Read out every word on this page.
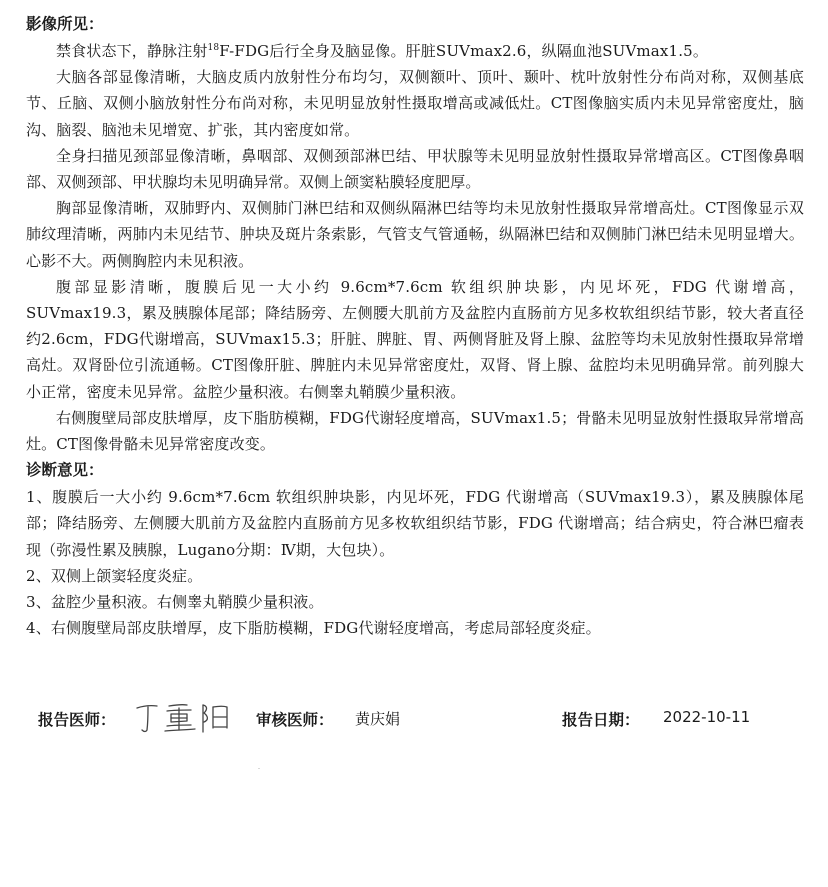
影像所见：

禁食状态下，静脉注射$^{18}$F-FDG后行全身及脑显像。肝脏SUVmax2.6，纵隔血池SUVmax1.5。

大脑各部显像清晰，大脑皮质内放射性分布均匀，双侧额叶、顶叶、颞叶、枕叶放射性分布尚对称，双侧基底节、丘脑、双侧小脑放射性分布尚对称，未见明显放射性摄取增高或减低灶。CT图像脑实质内未见异常密度灶，脑沟、脑裂、脑池未见增宽、扩张，其内密度如常。

全身扫描见颈部显像清晰，鼻咽部、双侧颈部淋巴结、甲状腺等未见明显放射性摄取异常增高区。CT图像鼻咽部、双侧颈部、甲状腺均未见明确异常。双侧上颌窦粘膜轻度肥厚。

胸部显像清晰，双肺野内、双侧肺门淋巴结和双侧纵隔淋巴结等均未见放射性摄取异常增高灶。CT图像显示双肺纹理清晰，两肺内未见结节、肿块及斑片条索影，气管支气管通畅，纵隔淋巴结和双侧肺门淋巴结未见明显增大。心影不大。两侧胸腔内未见积液。

腹部显影清晰，腹膜后见一大小约 9.6cm*7.6cm 软组织肿块影，内见坏死，FDG 代谢增高，SUVmax19.3，累及胰腺体尾部；降结肠旁、左侧腰大肌前方及盆腔内直肠前方见多枚软组织结节影，较大者直径约2.6cm，FDG代谢增高，SUVmax15.3；肝脏、脾脏、胃、两侧肾脏及肾上腺、盆腔等均未见放射性摄取异常增高灶。双肾卧位引流通畅。CT图像肝脏、脾脏内未见异常密度灶，双肾、肾上腺、盆腔均未见明确异常。前列腺大小正常，密度未见异常。盆腔少量积液。右侧睾丸鞘膜少量积液。

右侧腹壁局部皮肤增厚，皮下脂肪模糊，FDG代谢轻度增高，SUVmax1.5；骨骼未见明显放射性摄取异常增高灶。CT图像骨骼未见异常密度改变。

诊断意见：

1、腹膜后一大小约 9.6cm*7.6cm 软组织肿块影，内见坏死，FDG 代谢增高（SUVmax19.3），累及胰腺体尾部；降结肠旁、左侧腰大肌前方及盆腔内直肠前方见多枚软组织结节影，FDG 代谢增高；结合病史，符合淋巴瘤表现（弥漫性累及胰腺，Lugano分期：Ⅳ期，大包块）。

2、双侧上颌窦轻度炎症。

3、盆腔少量积液。右侧睾丸鞘膜少量积液。

4、右侧腹壁局部皮肤增厚，皮下脂肪模糊，FDG代谢轻度增高，考虑局部轻度炎症。

报告医师：	审核医师： 黄庆娟	报告日期： 2022-10-11
